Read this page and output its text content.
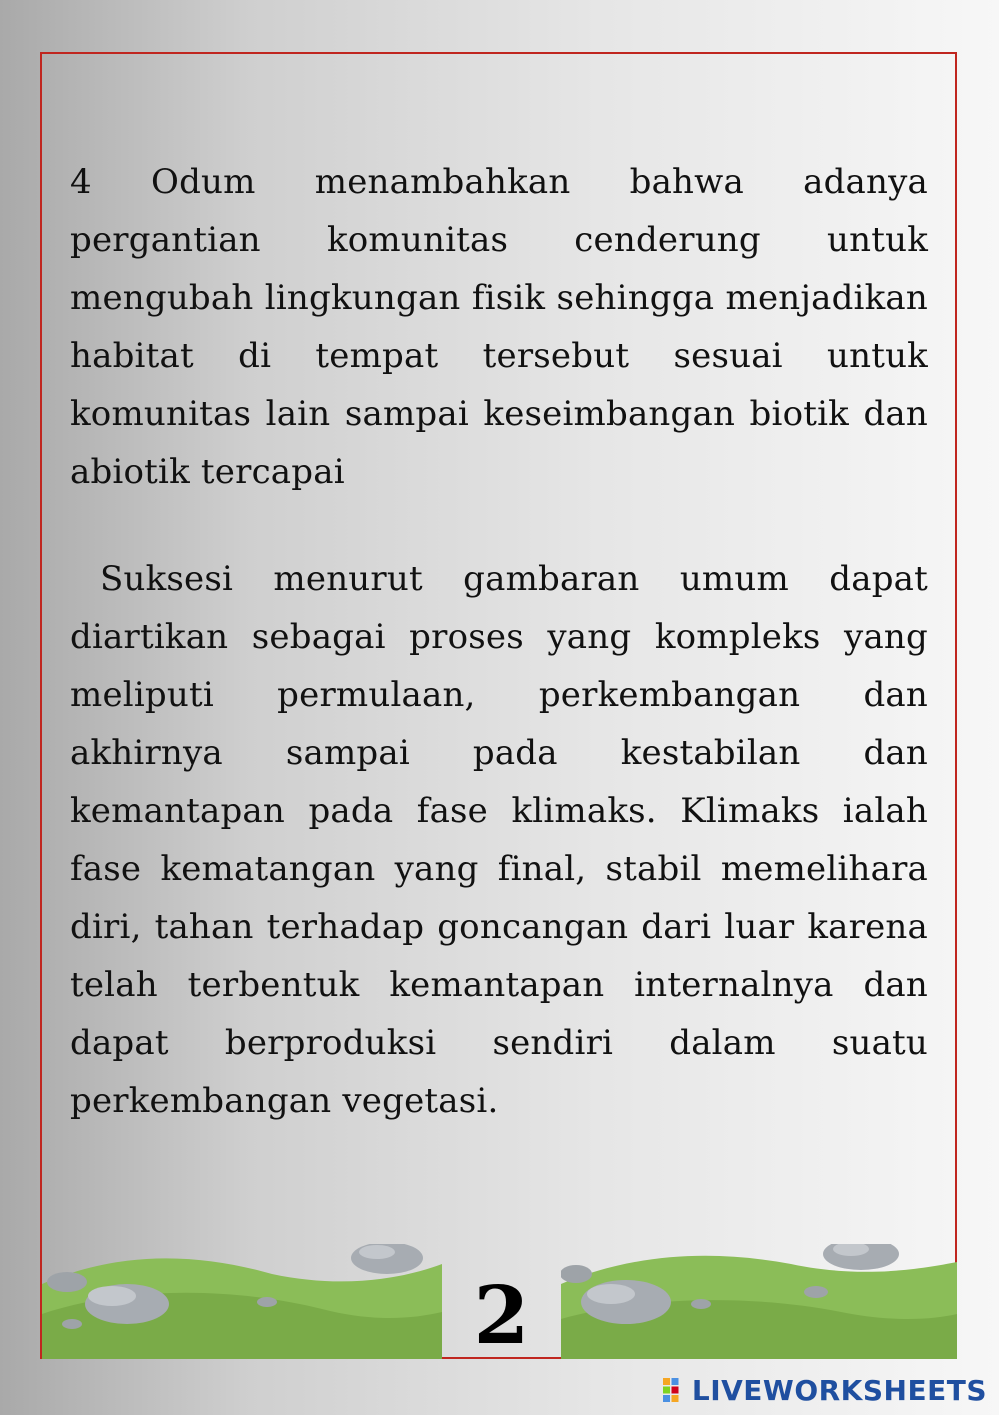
4 Odum menambahkan bahwa adanya pergantian komunitas cenderung untuk mengubah lingkungan fisik sehingga menjadikan habitat di tempat tersebut sesuai untuk komunitas lain sampai keseimbangan biotik dan abiotik tercapai

Suksesi menurut gambaran umum dapat diartikan sebagai proses yang kompleks yang meliputi permulaan, perkembangan dan akhirnya sampai pada kestabilan dan kemantapan pada fase klimaks. Klimaks ialah fase kematangan yang final, stabil memelihara diri, tahan terhadap goncangan dari luar karena telah terbentuk kemantapan internalnya dan dapat berproduksi sendiri dalam suatu perkembangan vegetasi.

2
LIVEWORKSHEETS
